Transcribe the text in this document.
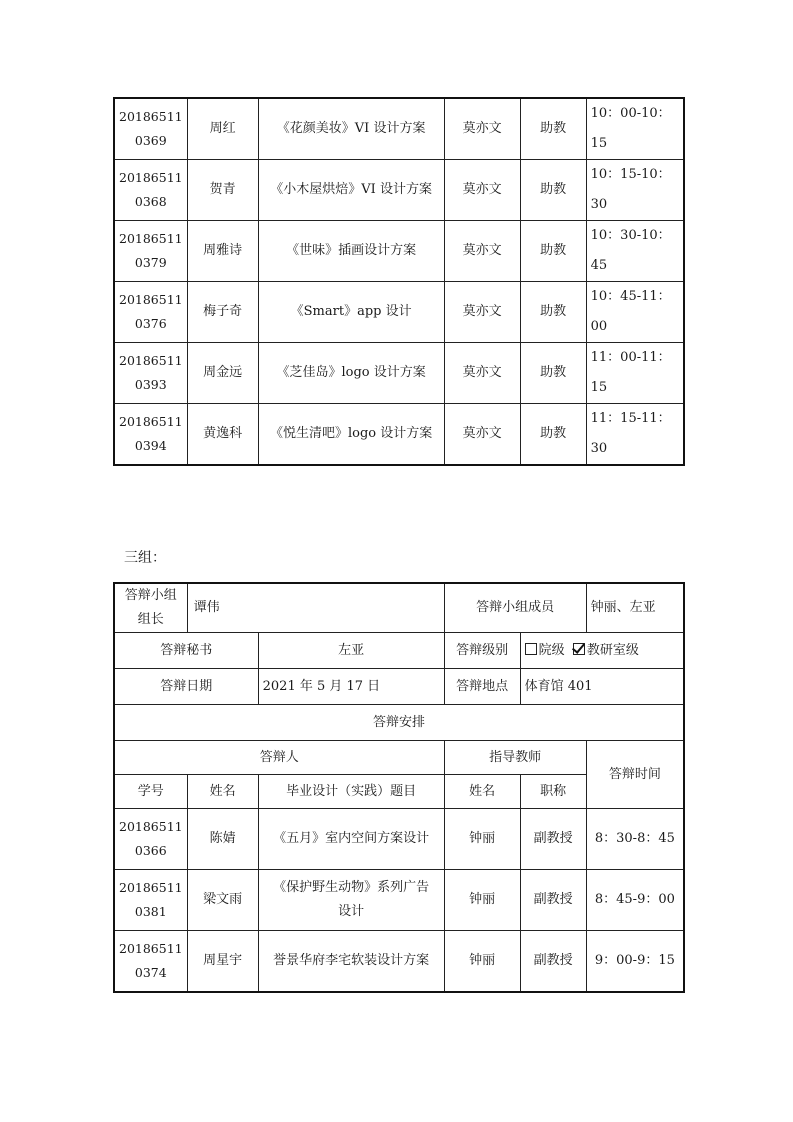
20186511
0369	周红	《花颜美妆》VI 设计方案	莫亦文	助教	10：00-10：
15

20186511
0368	贺青	《小木屋烘焙》VI 设计方案	莫亦文	助教	10：15-10：
30

20186511
0379	周雅诗	《世味》插画设计方案	莫亦文	助教	10：30-10：
45

20186511
0376	梅子奇	《Smart》app 设计	莫亦文	助教	10：45-11：
00

20186511
0393	周金远	《芝佳岛》logo 设计方案	莫亦文	助教	11：00-11：
15

20186511
0394	黄逸科	《悦生清吧》logo 设计方案	莫亦文	助教	11：15-11：
30
三组：
答辩小组组长	谭伟		答辩小组成员		钟丽、左亚
答辩秘书		左亚	答辩级别	院级 教研室级	
答辩日期		2021 年 5 月 17 日	答辩地点	体育馆 401	
答辩安排					
答辩人			指导教师		答辩时间
学号	姓名	毕业设计（实践）题目	姓名	职称	

20186511
0366	陈婧	《五月》室内空间方案设计	钟丽	副教授	8：30-8：45

20186511
0381	梁文雨	《保护野生动物》系列广告设计	钟丽	副教授	8：45-9：00

20186511
0374	周星宇	誉景华府李宅软装设计方案	钟丽	副教授	9：00-9：15
